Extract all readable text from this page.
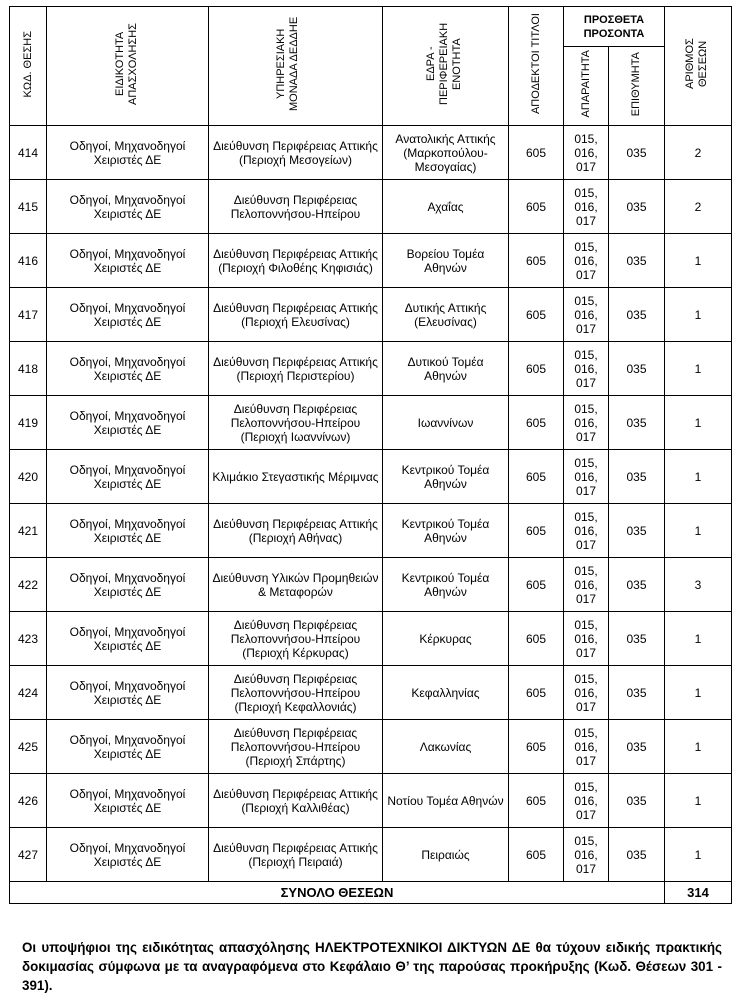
ΚΩΔ. ΘΕΣΗΣ	ΕΙΔΙΚΟΤΗΤΑ ΑΠΑΣΧΟΛΗΣΗΣ	ΥΠΗΡΕΣΙΑΚΗ ΜΟΝΑΔΑ ΔΕΔΔΗΕ	ΕΔΡΑ - ΠΕΡΙΦΕΡΕΙΑΚΗ ΕΝΟΤΗΤΑ	ΑΠΟΔΕΚΤΟΙ ΤΙΤΛΟΙ	ΠΡΟΣΘΕΤΑ ΠΡΟΣΟΝΤΑ		ΑΡΙΘΜΟΣ ΘΕΣΕΩΝ
					ΑΠΑΡΑΙΤΗΤΑ	ΕΠΙΘΥΜΗΤΑ	
414	Οδηγοί, Μηχανοδηγοί Χειριστές ΔΕ	Διεύθυνση Περιφέρειας Αττικής (Περιοχή Μεσογείων)	Ανατολικής Αττικής (Μαρκοπούλου-Μεσογαίας)	605	015, 016, 017	035	2
415	Οδηγοί, Μηχανοδηγοί Χειριστές ΔΕ	Διεύθυνση Περιφέρειας Πελοποννήσου-Ηπείρου	Αχαΐας	605	015, 016, 017	035	2
416	Οδηγοί, Μηχανοδηγοί Χειριστές ΔΕ	Διεύθυνση Περιφέρειας Αττικής (Περιοχή Φιλοθέης Κηφισιάς)	Βορείου Τομέα Αθηνών	605	015, 016, 017	035	1
417	Οδηγοί, Μηχανοδηγοί Χειριστές ΔΕ	Διεύθυνση Περιφέρειας Αττικής (Περιοχή Ελευσίνας)	Δυτικής Αττικής (Ελευσίνας)	605	015, 016, 017	035	1
418	Οδηγοί, Μηχανοδηγοί Χειριστές ΔΕ	Διεύθυνση Περιφέρειας Αττικής (Περιοχή Περιστερίου)	Δυτικού Τομέα Αθηνών	605	015, 016, 017	035	1
419	Οδηγοί, Μηχανοδηγοί Χειριστές ΔΕ	Διεύθυνση Περιφέρειας Πελοποννήσου-Ηπείρου (Περιοχή Ιωαννίνων)	Ιωαννίνων	605	015, 016, 017	035	1
420	Οδηγοί, Μηχανοδηγοί Χειριστές ΔΕ	Κλιμάκιο Στεγαστικής Μέριμνας	Κεντρικού Τομέα Αθηνών	605	015, 016, 017	035	1
421	Οδηγοί, Μηχανοδηγοί Χειριστές ΔΕ	Διεύθυνση Περιφέρειας Αττικής (Περιοχή Αθήνας)	Κεντρικού Τομέα Αθηνών	605	015, 016, 017	035	1
422	Οδηγοί, Μηχανοδηγοί Χειριστές ΔΕ	Διεύθυνση Υλικών Προμηθειών & Μεταφορών	Κεντρικού Τομέα Αθηνών	605	015, 016, 017	035	3
423	Οδηγοί, Μηχανοδηγοί Χειριστές ΔΕ	Διεύθυνση Περιφέρειας Πελοποννήσου-Ηπείρου (Περιοχή Κέρκυρας)	Κέρκυρας	605	015, 016, 017	035	1
424	Οδηγοί, Μηχανοδηγοί Χειριστές ΔΕ	Διεύθυνση Περιφέρειας Πελοποννήσου-Ηπείρου (Περιοχή Κεφαλλονιάς)	Κεφαλληνίας	605	015, 016, 017	035	1
425	Οδηγοί, Μηχανοδηγοί Χειριστές ΔΕ	Διεύθυνση Περιφέρειας Πελοποννήσου-Ηπείρου (Περιοχή Σπάρτης)	Λακωνίας	605	015, 016, 017	035	1
426	Οδηγοί, Μηχανοδηγοί Χειριστές ΔΕ	Διεύθυνση Περιφέρειας Αττικής (Περιοχή Καλλιθέας)	Νοτίου Τομέα Αθηνών	605	015, 016, 017	035	1
427	Οδηγοί, Μηχανοδηγοί Χειριστές ΔΕ	Διεύθυνση Περιφέρειας Αττικής (Περιοχή Πειραιά)	Πειραιώς	605	015, 016, 017	035	1
ΣΥΝΟΛΟ ΘΕΣΕΩΝ							314
Οι υποψήφιοι της ειδικότητας απασχόλησης ΗΛΕΚΤΡΟΤΕΧΝΙΚΟΙ ΔΙΚΤΥΩΝ ΔΕ θα τύχουν ειδικής πρακτικής δοκιμασίας σύμφωνα με τα αναγραφόμενα στο Κεφάλαιο Θ’ της παρούσας προκήρυξης (Κωδ. Θέσεων 301 - 391).
